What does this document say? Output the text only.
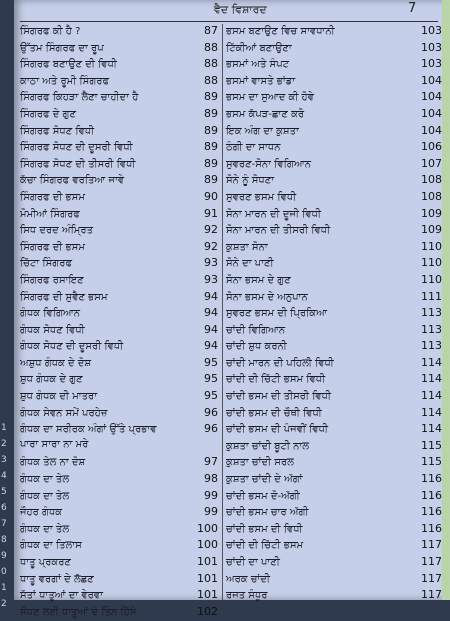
ਵੈਦ ਵਿਸ਼ਾਰਦ	7
ਸਿੰਗਰਫ ਕੀ ਹੈ ?	87
ਉੱਤਮ ਸਿੰਗਰਫ ਦਾ ਰੂਪ	88
ਸਿੰਗਰਫ ਬਣਾਉਣ ਦੀ ਵਿਧੀ	88
ਕਾਠਾ ਅਤੇ ਰੂਮੀ ਸਿੰਗਰਫ	88
ਸਿੰਗਰਫ ਕਿਹੜਾ ਲੈਣਾ ਚਾਹੀਦਾ ਹੈ	89
ਸਿੰਗਰਫ ਦੇ ਗੁਣ	89
ਸਿੰਗਰਫ ਸੋਧਣ ਵਿਧੀ	89
ਸਿੰਗਰਫ ਸੋਧਣ ਦੀ ਦੂਸਰੀ ਵਿਧੀ	89
ਸਿੰਗਰਫ ਸੋਧਣ ਦੀ ਤੀਸਰੀ ਵਿਧੀ	89
ਕੱਚਾ ਸਿੰਗਰਫ ਵਰਤਿਆ ਜਾਵੇ	89
ਸਿੰਗਰਫ ਦੀ ਭਸਮ	90
ਮੋਮੀਆਂ ਸਿੰਗਰਫ	91
ਸਿਧ ਦਰਦ ਅੰਮ੍ਰਿਤ	92
ਸਿੰਗਰਫ ਦੀ ਭਸਮ	92
ਚਿੱਟਾ ਸਿੰਗਰਫ	93
ਸਿੰਗਰਫ ਰਸਾਇਣ	93
ਸਿੰਗਰਫ ਦੀ ਸੁਵੈਣ ਭਸਮ	94
ਗੰਧਕ ਵਿਗਿਆਨ	94
ਗੰਧਕ ਸੋਧਣ ਵਿਧੀ	94
ਗੰਧਕ ਸੋਧਣ ਦੀ ਦੂਸਰੀ ਵਿਧੀ	94
ਅਸ਼ੁਧ ਗੰਧਕ ਦੇ ਦੋਸ਼	95
ਸ਼ੁਧ ਗੰਧਕ ਦੇ ਗੁਣ	95
ਸ਼ੁਧ ਗੰਧਕ ਦੀ ਮਾਤਰਾ	95
ਗੰਧਕ ਸੇਵਨ ਸਮੇਂ ਪਰਹੇਜ਼	96
ਗੰਧਕ ਦਾ ਸਰੀਰਕ ਅੰਗਾਂ ਉੱਤੇ ਪ੍ਰਭਾਵ	96
ਪਾਰਾ ਸਾਰਾ ਨਾ ਮਰੇ
ਗੰਧਕ ਤੇਲ ਨਾ ਦੋਸ਼	97
ਗੰਧਕ ਦਾ ਤੇਲ	98
ਗੰਧਕ ਦਾ ਤੇਲ	99
ਜੌਹਰ ਗੰਧਕ	99
ਗੰਧਕ ਦਾ ਤੇਲ	100
ਗੰਧਕ ਦਾ ਤਿਲਾਸ	100
ਧਾਤੂ ਪ੍ਰਕਰਣ	101
ਧਾਤੂ ਵਰਗਾਂ ਦੇ ਲੱਛਣ	101
ਸੱਤਾਂ ਧਾਤੂਆਂ ਦਾ ਵੇਰਵਾ	101
ਸੋਧਣ ਲਈ ਧਾਤੂਆਂ ਦੇ ਤਿੰਨ ਹਿੱਸੇ	102
ਭਸਮ ਬਣਾਉਣ ਵਿਚ ਸਾਵਧਾਨੀ	103
ਟਿੱਕੀਆਂ ਬਣਾਉਣਾ	103
ਭਸਮਾਂ ਅਤੇ ਸੰਪਟ	103
ਭਸਮਾਂ ਵਾਸਤੇ ਭਾਂਡਾ	104
ਭਸਮ ਦਾ ਸੁਆਦ ਕੀ ਹੋਵੇ	104
ਭਸਮ ਕੱਪੜ-ਛਾਣ ਕਰੋ	104
ਇਕ ਅੰਗ ਦਾ ਕੁਸ਼ਤਾ	104
ਠੰਗੀ ਦਾ ਸਾਧਨ	106
ਸੁਵਰਣ-ਸੋਨਾ ਵਿਗਿਆਨ	107
ਸੋਨੇ ਨੂੰ ਸੋਧਣਾ	108
ਸੁਵਰਣ ਭਸਮ ਵਿਧੀ	108
ਸੋਨਾ ਮਾਰਨ ਦੀ ਦੂਜੀ ਵਿਧੀ	109
ਸੋਨਾ ਮਾਰਨ ਦੀ ਤੀਸਰੀ ਵਿਧੀ	109
ਕੁਸ਼ਤਾ ਸੋਨਾ	110
ਸੋਨੇ ਦਾ ਪਾਣੀ	110
ਸੋਨਾ ਭਸਮ ਦੇ ਗੁਣ	110
ਸੋਨਾ ਭਸਮ ਦੇ ਅਨੁਪਾਨ	111
ਸੁਵਰਣ ਭਸਮ ਦੀ ਪ੍ਰਿਕਿਆ	113
ਚਾਂਦੀ ਵਿਗਿਆਨ	113
ਚਾਂਦੀ ਸ਼ੁਧ ਕਰਨੀ	113
ਚਾਂਦੀ ਮਾਰਨ ਦੀ ਪਹਿਲੀ ਵਿਧੀ	114
ਚਾਂਦੀ ਦੀ ਚਿੱਟੀ ਭਸਮ ਵਿਧੀ	114
ਚਾਂਦੀ ਭਸਮ ਦੀ ਤੀਸਰੀ ਵਿਧੀ	114
ਚਾਂਦੀ ਭਸਮ ਦੀ ਚੌਥੀ ਵਿਧੀ	114
ਚਾਂਦੀ ਭਸਮ ਦੀ ਪੰਜਵੀਂ ਵਿਧੀ	114
ਕੁਸ਼ਤਾ ਚਾਂਦੀ ਬੂਟੀ ਨਾਲ	115
ਕੁਸ਼ਤਾ ਚਾਂਦੀ ਸਰਲ	115
ਕੁਸ਼ਤਾ ਚਾਂਦੀ ਦੇ ਅੱਗਾਂ	116
ਚਾਂਦੀ ਭਸਮ ਦੋ-ਅੱਗੀ	116
ਚਾਂਦੀ ਭਸਮ ਚਾਰ ਅੱਗੀ	116
ਚਾਂਦੀ ਭਸਮ ਦੀ ਵਿਧੀ	116
ਚਾਂਦੀ ਦੀ ਚਿੱਟੀ ਭਸਮ	117
ਚਾਂਦੀ ਦਾ ਪਾਣੀ	117
ਅਰਕ ਚਾਂਦੀ	117
ਰਜਤ ਸੰਧੂਰ	117
1
2
3
4
5
6
7
8
9
0
1
2
